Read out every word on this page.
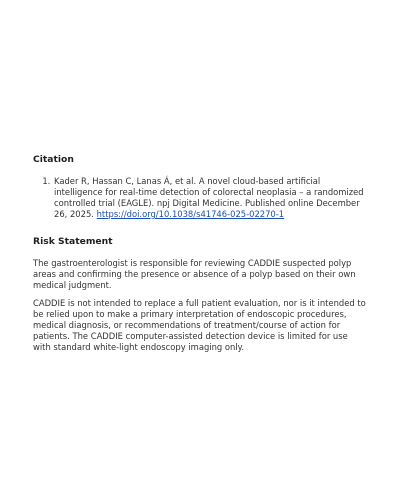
Citation
1. Kader R, Hassan C, Lanas Á, et al. A novel cloud-based artificial intelligence for real-time detection of colorectal neoplasia – a randomized controlled trial (EAGLE). npj Digital Medicine. Published online December 26, 2025. https://doi.org/10.1038/s41746-025-02270-1
Risk Statement

The gastroenterologist is responsible for reviewing CADDIE suspected polyp areas and confirming the presence or absence of a polyp based on their own medical judgment.

CADDIE is not intended to replace a full patient evaluation, nor is it intended to be relied upon to make a primary interpretation of endoscopic procedures, medical diagnosis, or recommendations of treatment/course of action for patients. The CADDIE computer-assisted detection device is limited for use with standard white-light endoscopy imaging only.
